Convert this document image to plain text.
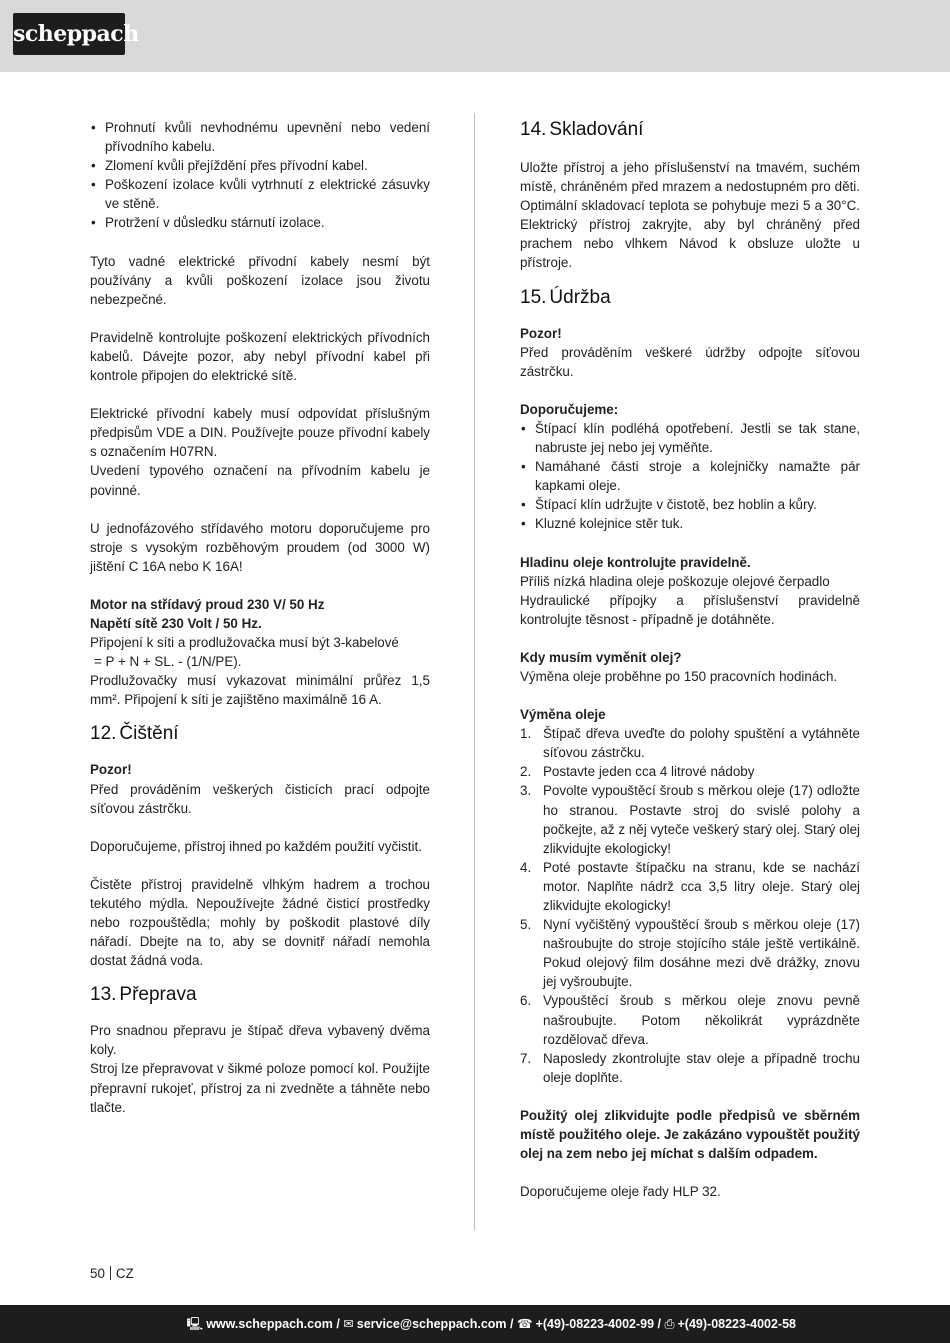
scheppach
• Prohnutí kvůli nevhodnému upevnění nebo vedení přívodního kabelu.
• Zlomení kvůli přejíždění přes přívodní kabel.
• Poškození izolace kvůli vytrhnutí z elektrické zásuvky ve stěně.
• Protržení v důsledku stárnutí izolace.

Tyto vadné elektrické přívodní kabely nesmí být používány a kvůli poškození izolace jsou životu nebezpečné.

Pravidelně kontrolujte poškození elektrických přívodních kabelů. Dávejte pozor, aby nebyl přívodní kabel při kontrole připojen do elektrické sítě.

Elektrické přívodní kabely musí odpovídat příslušným předpisům VDE a DIN. Používejte pouze přívodní kabely s označením H07RN.

Uvedení typového označení na přívodním kabelu je povinné.

U jednofázového střídavého motoru doporučujeme pro stroje s vysokým rozběhovým proudem (od 3000 W) jištění C 16A nebo K 16A!

Motor na střídavý proud 230 V/ 50 Hz

Napětí sítě 230 Volt / 50 Hz.

Připojení k síti a prodlužovačka musí být 3-kabelové

= P + N + SL. - (1/N/PE).

Prodlužovačky musí vykazovat minimální průřez 1,5 mm². Připojení k síti je zajištěno maximálně 16 A.

12. Čištění

Pozor!

Před prováděním veškerých čisticích prací odpojte síťovou zástrčku.

Doporučujeme, přístroj ihned po každém použití vyčistit.

Čistěte přístroj pravidelně vlhkým hadrem a trochou tekutého mýdla. Nepoužívejte žádné čisticí prostředky nebo rozpouštědla; mohly by poškodit plastové díly nářadí. Dbejte na to, aby se dovnitř nářadí nemohla dostat žádná voda.

13. Přeprava

Pro snadnou přepravu je štípač dřeva vybavený dvěma koly.

Stroj lze přepravovat v šikmé poloze pomocí kol. Použijte přepravní rukojeť, přístroj za ni zvedněte a táhněte nebo tlačte.

14. Skladování

Uložte přístroj a jeho příslušenství na tmavém, suchém místě, chráněném před mrazem a nedostupném pro děti. Optimální skladovací teplota se pohybuje mezi 5 a 30°C. Elektrický přístroj zakryjte, aby byl chráněný před prachem nebo vlhkem Návod k obsluze uložte u přístroje.

15. Údržba

Pozor!

Před prováděním veškeré údržby odpojte síťovou zástrčku.

Doporučujeme:

• Štípací klín podléhá opotřebení. Jestli se tak stane, nabruste jej nebo jej vyměňte.
• Namáhané části stroje a kolejničky namažte pár kapkami oleje.
• Štípací klín udržujte v čistotě, bez hoblin a kůry.
• Kluzné kolejnice stěr tuk.

Hladinu oleje kontrolujte pravidelně.

Příliš nízká hladina oleje poškozuje olejové čerpadlo

Hydraulické přípojky a příslušenství pravidelně kontrolujte těsnost - případně je dotáhněte.

Kdy musím vyměnit olej?

Výměna oleje proběhne po 150 pracovních hodinách.

Výměna oleje

1. Štípač dřeva uveďte do polohy spuštění a vytáhněte síťovou zástrčku.
2. Postavte jeden cca 4 litrové nádoby
3. Povolte vypouštěcí šroub s měrkou oleje (17) odložte ho stranou. Postavte stroj do svislé polohy a počkejte, až z něj vyteče veškerý starý olej. Starý olej zlikvidujte ekologicky!
4. Poté postavte štípačku na stranu, kde se nachází motor. Naplňte nádrž cca 3,5 litry oleje. Starý olej zlikvidujte ekologicky!
5. Nyní vyčištěný vypouštěcí šroub s měrkou oleje (17) našroubujte do stroje stojícího stále ještě vertikálně. Pokud olejový film dosáhne mezi dvě drážky, znovu jej vyšroubujte.
6. Vypouštěcí šroub s měrkou oleje znovu pevně našroubujte. Potom několikrát vyprázdněte rozdělovač dřeva.
7. Naposledy zkontrolujte stav oleje a případně trochu oleje doplňte.

Použitý olej zlikvidujte podle předpisů ve sběrném místě použitého oleje. Je zakázáno vypouštět použitý olej na zem nebo jej míchat s dalším odpadem.

Doporučujeme oleje řady HLP 32.

50 CZ
🖳 www.scheppach.com / ✉ service@scheppach.com / ☎ +(49)-08223-4002-99 / ⎙ +(49)-08223-4002-58
